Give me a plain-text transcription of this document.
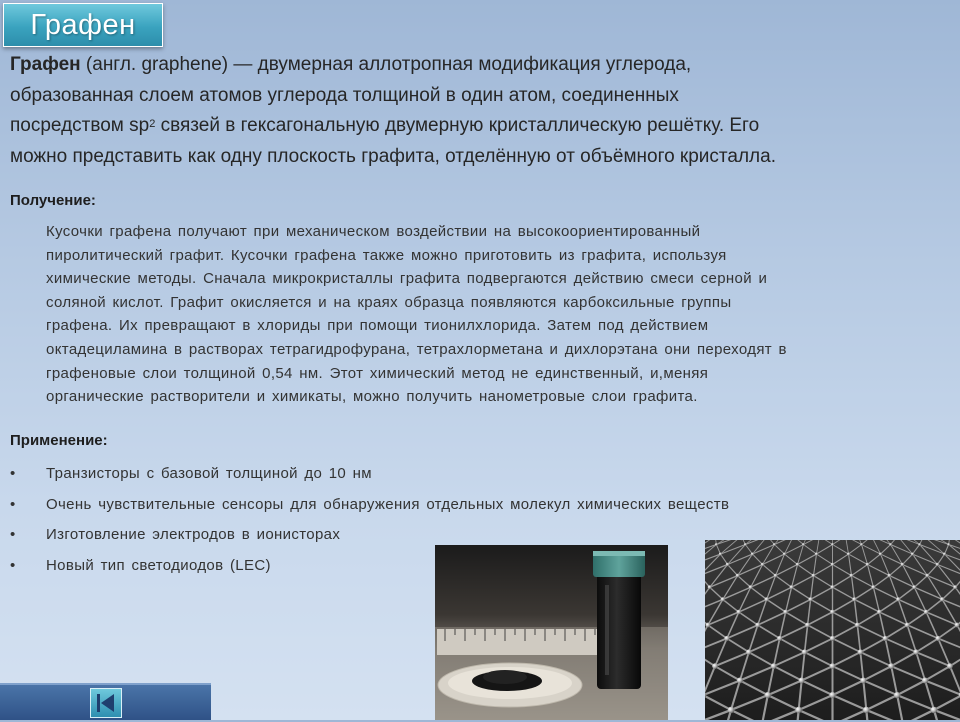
Графен
Графен (англ. graphene) — двумерная аллотропная модификация углерода,
образованная слоем атомов углерода толщиной в один атом, соединенных
посредством $sp^2$ связей в гексагональную двумерную кристаллическую решётку. Его
можно представить как одну плоскость графита, отделённую от объёмного кристалла.
Получение:
Кусочки графена получают при механическом воздействии на высокоориентированный
пиролитический графит. Кусочки графена также можно приготовить из графита, используя
химические методы. Сначала микрокристаллы графита подвергаются действию смеси серной и
соляной кислот. Графит окисляется и на краях образца появляются карбоксильные группы
графена. Их превращают в хлориды при помощи тионилхлорида. Затем под действием
октадециламина в растворах тетрагидрофурана, тетрахлорметана и дихлорэтана они переходят в
графеновые слои толщиной 0,54 нм. Этот химический метод не единственный, и,меняя
органические растворители и химикаты, можно получить нанометровые слои графита.
Применение:
• Транзисторы с базовой толщиной до 10 нм
• Очень чувствительные сенсоры для обнаружения отдельных молекул химических веществ
• Изготовление электродов в ионисторах
• Новый тип светодиодов (LEC)
